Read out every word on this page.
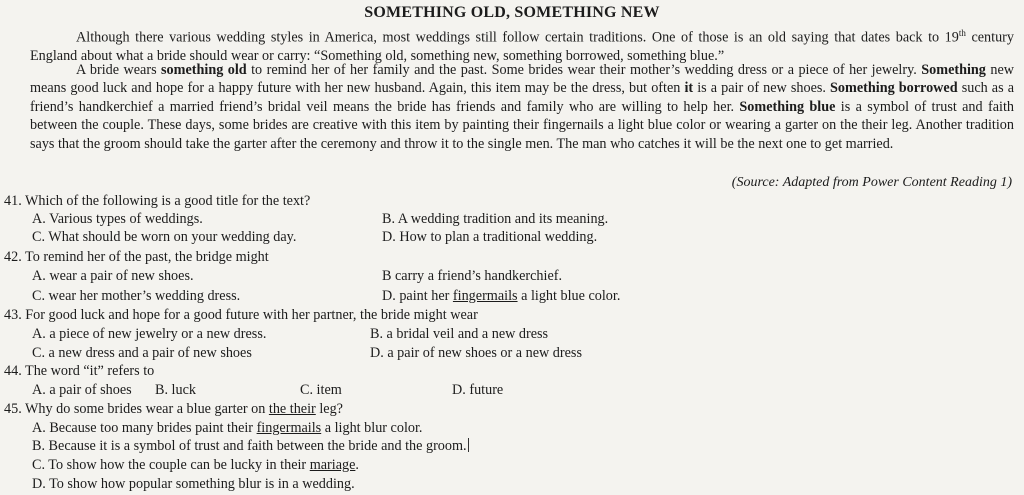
SOMETHING OLD, SOMETHING NEW
Although there various wedding styles in America, most weddings still follow certain traditions. One of those is an old saying that dates back to 19th century England about what a bride should wear or carry: “Something old, something new, something borrowed, something blue.”
A bride wears something old to remind her of her family and the past. Some brides wear their mother’s wedding dress or a piece of her jewelry. Something new means good luck and hope for a happy future with her new husband. Again, this item may be the dress, but often it is a pair of new shoes. Something borrowed such as a friend’s handkerchief a married friend’s bridal veil means the bride has friends and family who are willing to help her. Something blue is a symbol of trust and faith between the couple. These days, some brides are creative with this item by painting their fingernails a light blue color or wearing a garter on the their leg. Another tradition says that the groom should take the garter after the ceremony and throw it to the single men. The man who catches it will be the next one to get married.
(Source: Adapted from Power Content Reading 1)
41. Which of the following is a good title for the text?
A. Various types of weddings.	B. A wedding tradition and its meaning.
C. What should be worn on your wedding day.	D. How to plan a traditional wedding.
42. To remind her of the past, the bridge might
A. wear a pair of new shoes.	B carry a friend’s handkerchief.
C. wear her mother’s wedding dress.	D. paint her fingermails a light blue color.
43. For good luck and hope for a good future with her partner, the bride might wear
A. a piece of new jewelry or a new dress.	B. a bridal veil and a new dress
C. a new dress and a pair of new shoes	D. a pair of new shoes or a new dress
44. The word “it” refers to
A. a pair of shoes B. luck	C. item	D. future
45. Why do some brides wear a blue garter on the their leg?
A. Because too many brides paint their fingermails a light blur color.
B. Because it is a symbol of trust and faith between the bride and the groom.
C. To show how the couple can be lucky in their mariage.
D. To show how popular something blur is in a wedding.
